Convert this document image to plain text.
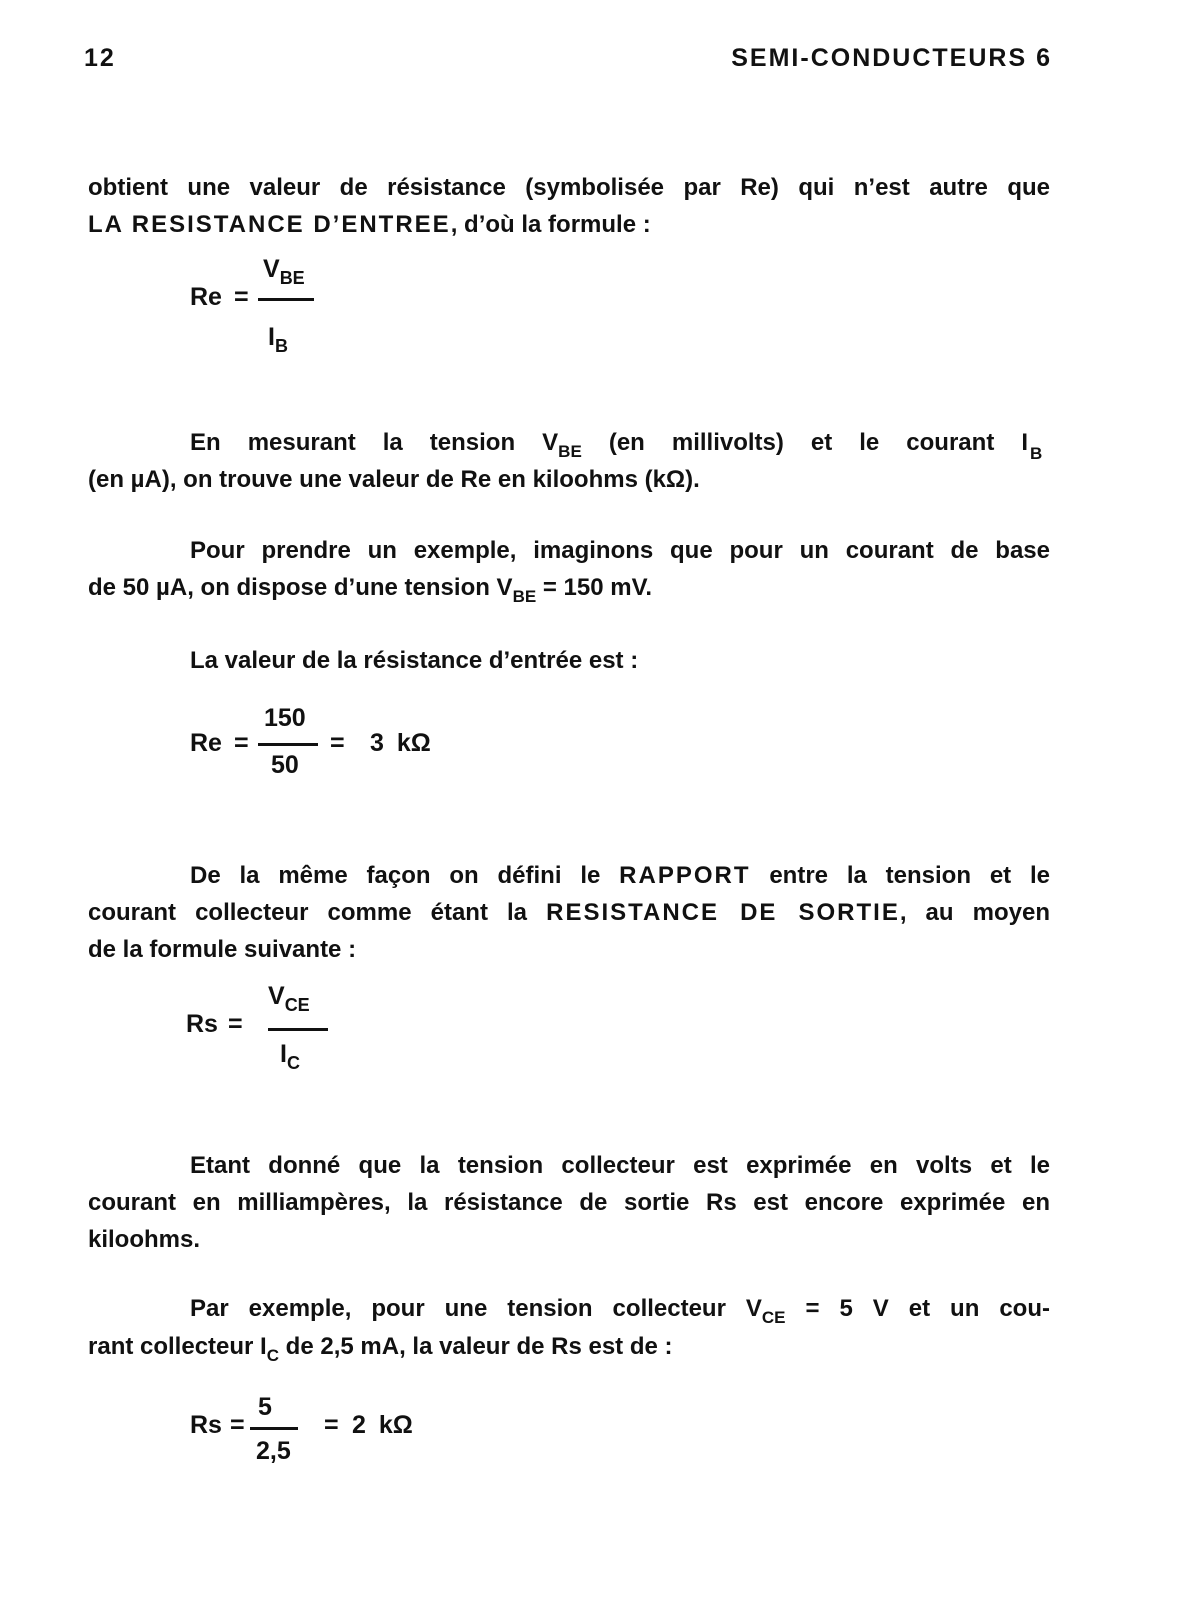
12	SEMI-CONDUCTEURS 6
obtient une valeur de résistance (symbolisée par Re) qui n’est autre que
LA RESISTANCE D’ENTREE, d’où la formule :
Re =
$V_{BE}$
$I_B$
En mesurant la tension $V_{BE}$ (en millivolts) et le courant I B
(en µA), on trouve une valeur de Re en kiloohms (kΩ).
Pour prendre un exemple, imaginons que pour un courant de base
de 50 µA, on dispose d’une tension $V_{BE} = 150$ mV.
La valeur de la résistance d’entrée est :
Re =
150
50
= 3 kΩ
De la même façon on défini le RAPPORT entre la tension et le
courant collecteur comme étant la RESISTANCE DE SORTIE, au moyen
de la formule suivante :
Rs =
$V_{CE}$
$I_C$
Etant donné que la tension collecteur est exprimée en volts et le
courant en milliampères, la résistance de sortie Rs est encore exprimée en
kiloohms.
Par exemple, pour une tension collecteur $V_{CE} = 5$ V et un cou-
rant collecteur $I_C$ de 2,5 mA, la valeur de Rs est de :
Rs =
5
2,5
= 2 kΩ
